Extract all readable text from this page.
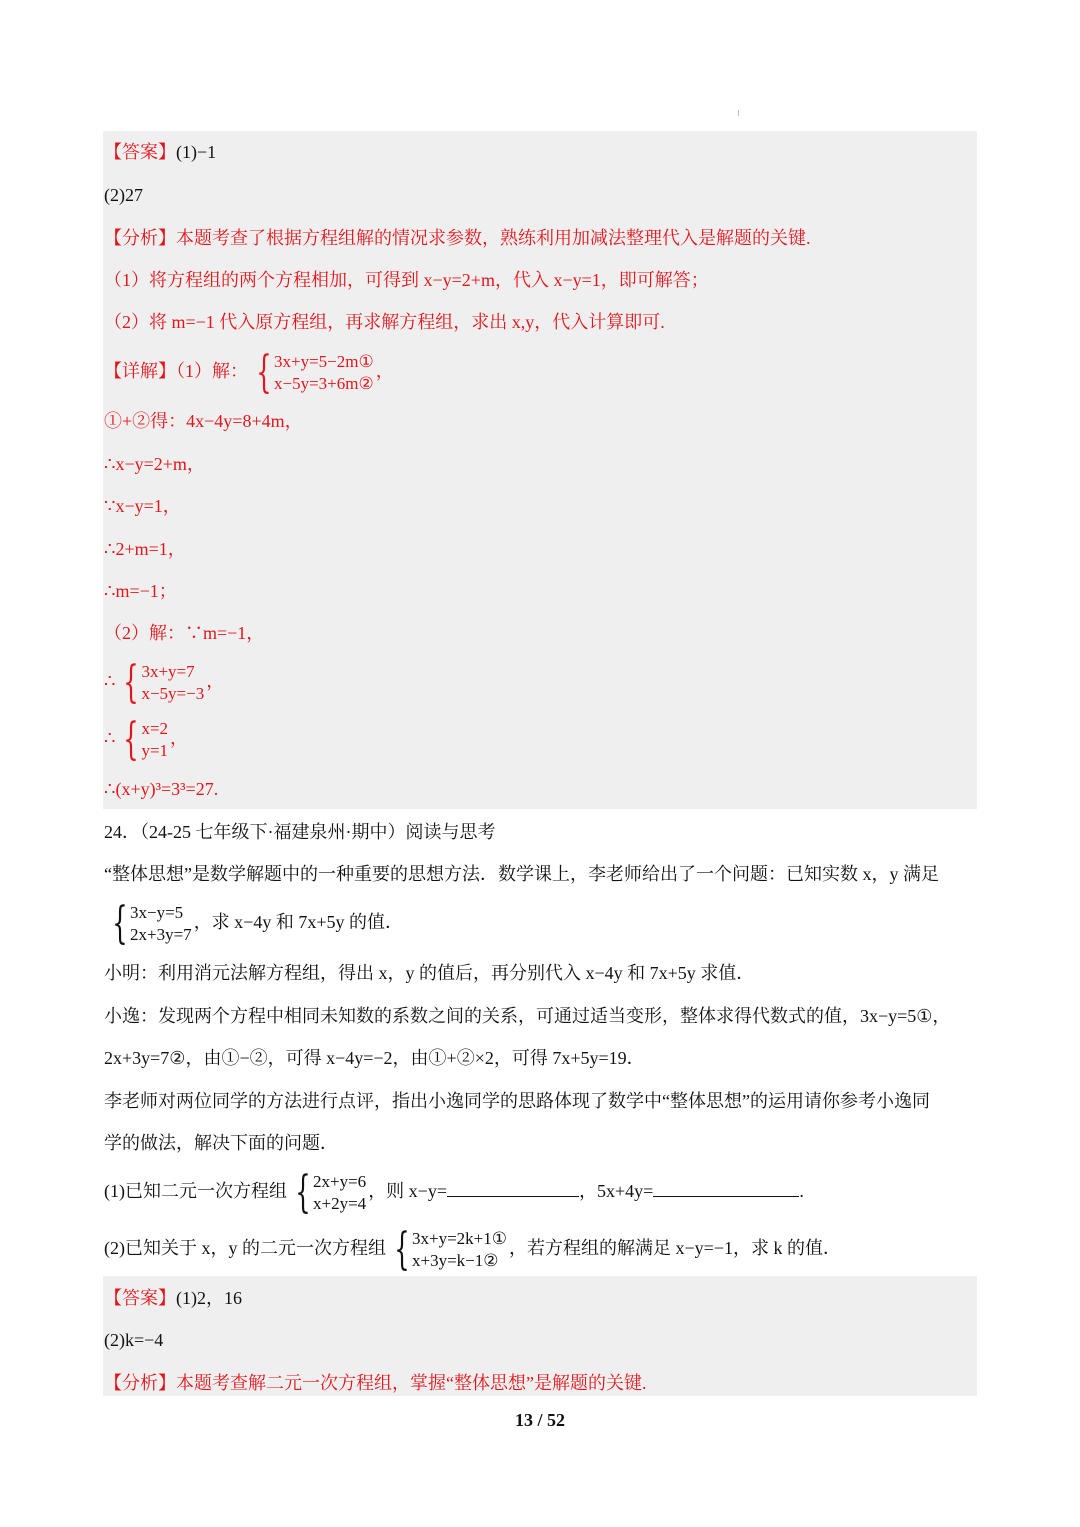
【答案】(1)−1
(2)27
【分析】本题考查了根据方程组解的情况求参数，熟练利用加减法整理代入是解题的关键.
（1）将方程组的两个方程相加，可得到 x−y=2+m，代入 x−y=1，即可解答；
（2）将 m=−1 代入原方程组，再求解方程组，求出 x,y，代入计算即可.
【详解】（1）解： { 3x+y=5−2m①
x−5y=3+6m②
，
①+②得：4x−4y=8+4m，
∴x−y=2+m，
∵x−y=1，
∴2+m=1，
∴m=−1；
（2）解：∵m=−1，
∴ { 3x+y=7
x−5y=−3
，
∴ { x=2
y=1
，
∴(x+y)³=3³=27.
24．（24-25 七年级下·福建泉州·期中）阅读与思考
“整体思想”是数学解题中的一种重要的思想方法．数学课上，李老师给出了一个问题：已知实数 x，y 满足
{ 3x−y=5
2x+3y=7
，求 x−4y 和 7x+5y 的值．
小明：利用消元法解方程组，得出 x，y 的值后，再分别代入 x−4y 和 7x+5y 求值．
小逸：发现两个方程中相同未知数的系数之间的关系，可通过适当变形，整体求得代数式的值，3x−y=5①，
2x+3y=7②，由①−②，可得 x−4y=−2，由①+②×2，可得 7x+5y=19．
李老师对两位同学的方法进行点评，指出小逸同学的思路体现了数学中“整体思想”的运用请你参考小逸同
学的做法，解决下面的问题．
(1)已知二元一次方程组 { 2x+y=6
x+2y=4
，则 x−y=	，5x+4y=	.
(2)已知关于 x，y 的二元一次方程组 { 3x+y=2k+1①
x+3y=k−1②
，若方程组的解满足 x−y=−1，求 k 的值．
【答案】(1)2，16
(2)k=−4
【分析】本题考查解二元一次方程组，掌握“整体思想”是解题的关键.
13 / 52
